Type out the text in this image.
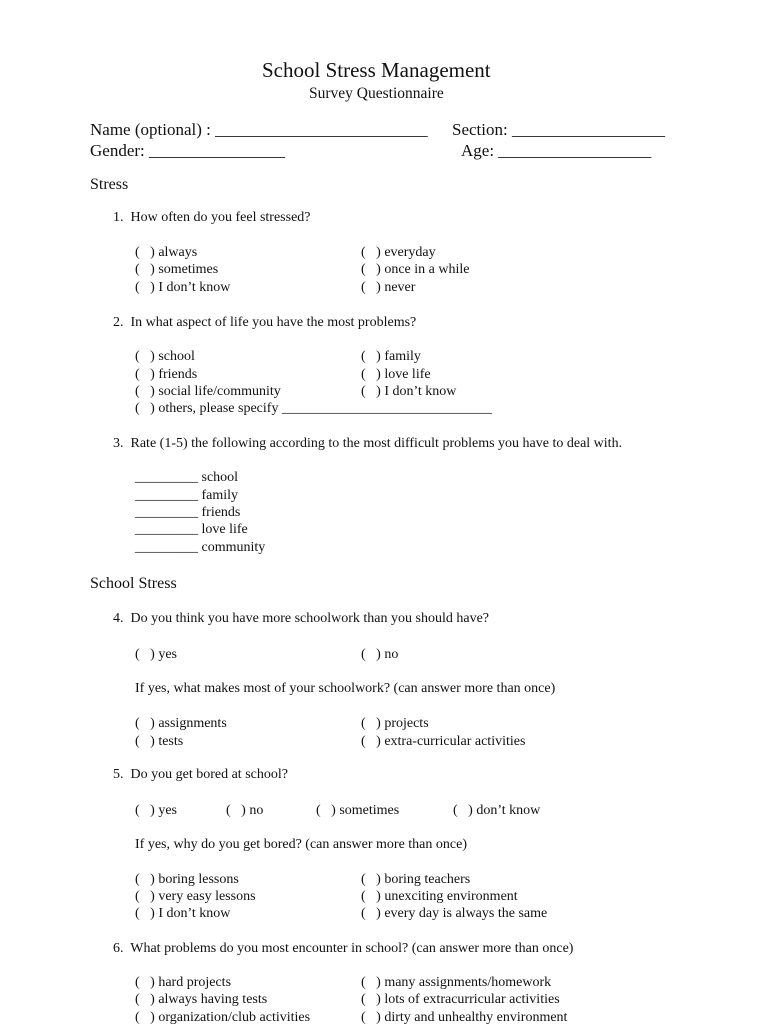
School Stress Management
Survey Questionnaire
Name (optional) : _________________________ Section: __________________
Gender: ________________	Age: __________________
Stress
1.  How often do you feel stressed?
(   ) always
(   ) sometimes
(   ) I don’t know
(   ) everyday
(   ) once in a while
(   ) never
2.  In what aspect of life you have the most problems?
(   ) school
(   ) friends
(   ) social life/community
(   ) family
(   ) love life
(   ) I don’t know
(   ) others, please specify ______________________________
3.  Rate (1-5) the following according to the most difficult problems you have to deal with.
_________ school
_________ family
_________ friends
_________ love life
_________ community
School Stress
4.  Do you think you have more schoolwork than you should have?
(   ) yes	(   ) no
If yes, what makes most of your schoolwork? (can answer more than once)
(   ) assignments
(   ) tests
(   ) projects
(   ) extra-curricular activities
5.  Do you get bored at school?
(   ) yes	(   ) no	(   ) sometimes	(   ) don’t know
If yes, why do you get bored? (can answer more than once)
(   ) boring lessons
(   ) very easy lessons
(   ) I don’t know
(   ) boring teachers
(   ) unexciting environment
(   ) every day is always the same
6.  What problems do you most encounter in school? (can answer more than once)
(   ) hard projects
(   ) always having tests
(   ) organization/club activities
(   ) many assignments/homework
(   ) lots of extracurricular activities
(   ) dirty and unhealthy environment
